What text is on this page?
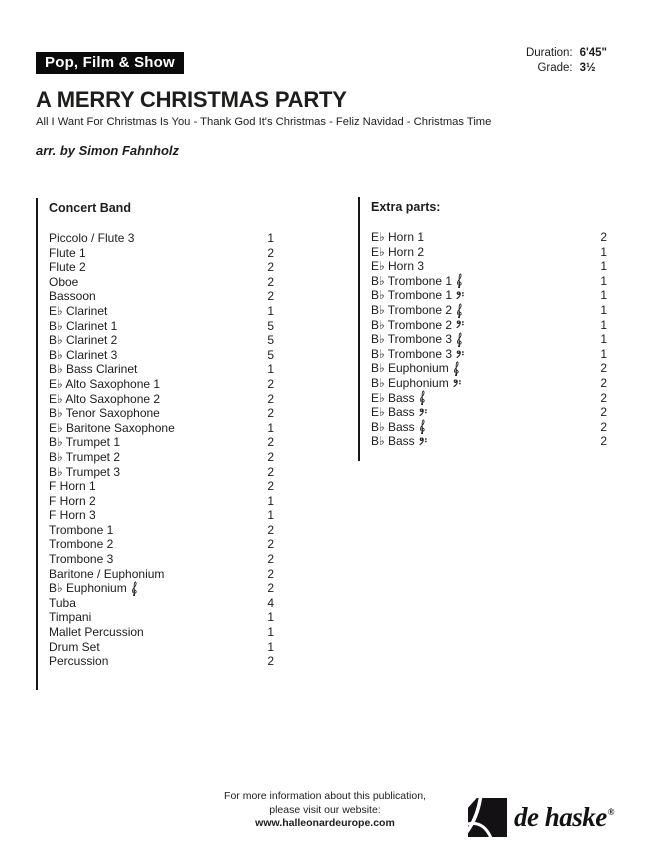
Pop, Film & Show
Duration: 6'45"
Grade: 3½
A MERRY CHRISTMAS PARTY
All I Want For Christmas Is You - Thank God It's Christmas - Feliz Navidad - Christmas Time
arr. by Simon Fahnholz
Concert Band
Piccolo / Flute 3	1
Flute 1	2
Flute 2	2
Oboe	2
Bassoon	2
E♭ Clarinet	1
B♭ Clarinet 1	5
B♭ Clarinet 2	5
B♭ Clarinet 3	5
B♭ Bass Clarinet	1
E♭ Alto Saxophone 1	2
E♭ Alto Saxophone 2	2
B♭ Tenor Saxophone	2
E♭ Baritone Saxophone	1
B♭ Trumpet 1	2
B♭ Trumpet 2	2
B♭ Trumpet 3	2
F Horn 1	2
F Horn 2	1
F Horn 3	1
Trombone 1	2
Trombone 2	2
Trombone 3	2
Baritone / Euphonium	2
B♭ Euphonium	2
Tuba	4
Timpani	1
Mallet Percussion	1
Drum Set	1
Percussion	2
Extra parts:
E♭ Horn 1	2
E♭ Horn 2	1
E♭ Horn 3	1
B♭ Trombone 1	1
B♭ Trombone 1	1
B♭ Trombone 2	1
B♭ Trombone 2	1
B♭ Trombone 3	1
B♭ Trombone 3	1
B♭ Euphonium	2
B♭ Euphonium	2
E♭ Bass	2
E♭ Bass	2
B♭ Bass	2
B♭ Bass	2
For more information about this publication,
please visit our website:
www.halleonardeurope.com	de haske®
